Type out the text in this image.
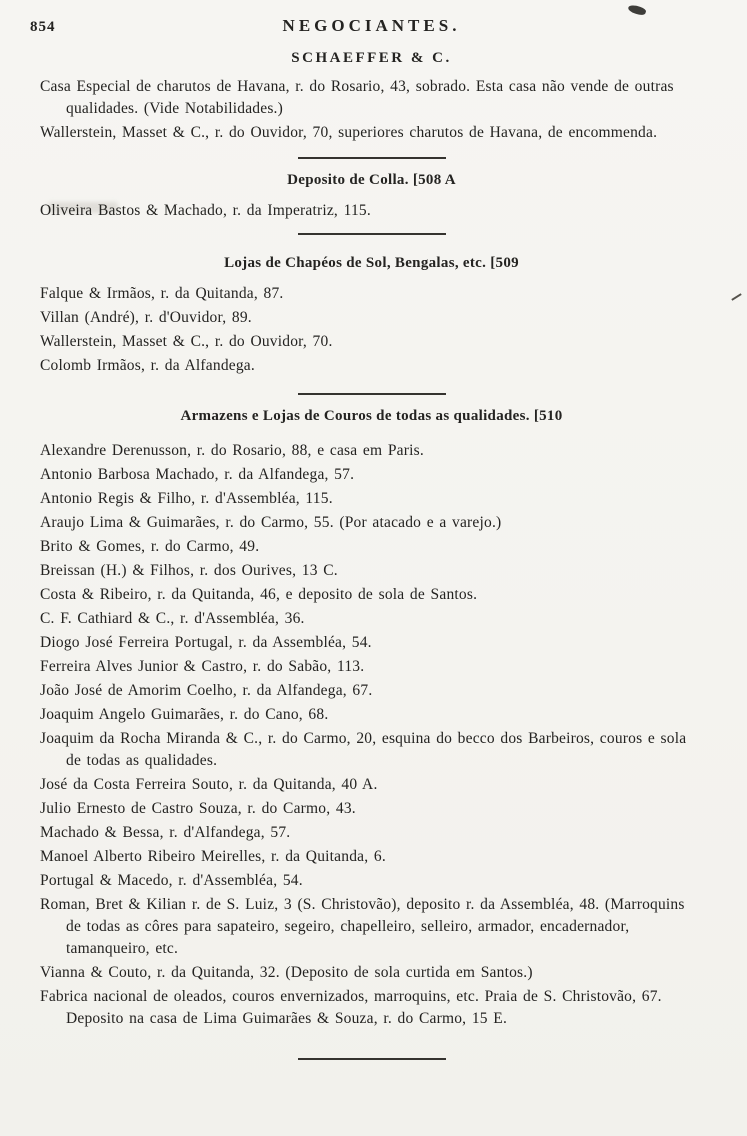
854	NEGOCIANTES.
SCHAEFFER & C.

Casa Especial de charutos de Havana, r. do Rosario, 43, sobrado. Esta casa não vende de outras qualidades. (Vide Notabilidades.)

Wallerstein, Masset & C., r. do Ouvidor, 70, superiores charutos de Havana, de encommenda.

Deposito de Colla. [508 A

Oliveira Bastos & Machado, r. da Imperatriz, 115.

Lojas de Chapéos de Sol, Bengalas, etc. [509

Falque & Irmãos, r. da Quitanda, 87.

Villan (André), r. d'Ouvidor, 89.

Wallerstein, Masset & C., r. do Ouvidor, 70.

Colomb Irmãos, r. da Alfandega.

Armazens e Lojas de Couros de todas as qualidades. [510

Alexandre Derenusson, r. do Rosario, 88, e casa em Paris.

Antonio Barbosa Machado, r. da Alfandega, 57.

Antonio Regis & Filho, r. d'Assembléa, 115.

Araujo Lima & Guimarães, r. do Carmo, 55. (Por atacado e a varejo.)

Brito & Gomes, r. do Carmo, 49.

Breissan (H.) & Filhos, r. dos Ourives, 13 C.

Costa & Ribeiro, r. da Quitanda, 46, e deposito de sola de Santos.

C. F. Cathiard & C., r. d'Assembléa, 36.

Diogo José Ferreira Portugal, r. da Assembléa, 54.

Ferreira Alves Junior & Castro, r. do Sabão, 113.

João José de Amorim Coelho, r. da Alfandega, 67.

Joaquim Angelo Guimarães, r. do Cano, 68.

Joaquim da Rocha Miranda & C., r. do Carmo, 20, esquina do becco dos Barbeiros, couros e sola de todas as qualidades.

José da Costa Ferreira Souto, r. da Quitanda, 40 A.

Julio Ernesto de Castro Souza, r. do Carmo, 43.

Machado & Bessa, r. d'Alfandega, 57.

Manoel Alberto Ribeiro Meirelles, r. da Quitanda, 6.

Portugal & Macedo, r. d'Assembléa, 54.

Roman, Bret & Kilian r. de S. Luiz, 3 (S. Christovão), deposito r. da Assembléa, 48. (Marroquins de todas as côres para sapateiro, segeiro, chapelleiro, selleiro, armador, encadernador, tamanqueiro, etc.

Vianna & Couto, r. da Quitanda, 32. (Deposito de sola curtida em Santos.)

Fabrica nacional de oleados, couros envernizados, marroquins, etc. Praia de S. Christovão, 67. Deposito na casa de Lima Guimarães & Souza, r. do Carmo, 15 E.
